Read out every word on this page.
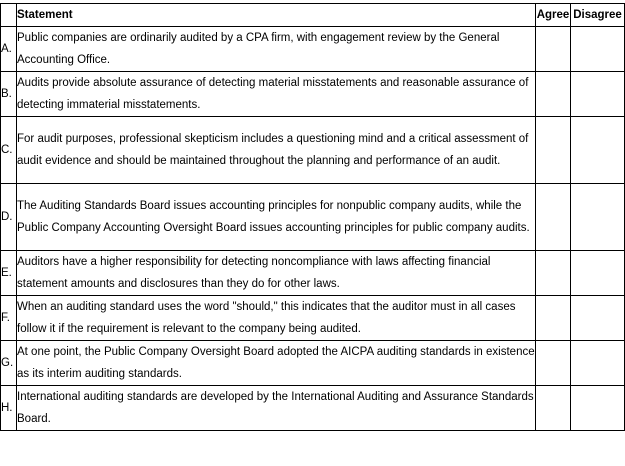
	Statement	Agree	Disagree
A.	Public companies are ordinarily audited by a CPA firm, with engagement review by the General Accounting Office.		
B.	Audits provide absolute assurance of detecting material misstatements and reasonable assurance of detecting immaterial misstatements.		
C.	For audit purposes, professional skepticism includes a questioning mind and a critical assessment of audit evidence and should be maintained throughout the planning and performance of an audit.		
D.	The Auditing Standards Board issues accounting principles for nonpublic company audits, while the Public Company Accounting Oversight Board issues accounting principles for public company audits.		
E.	Auditors have a higher responsibility for detecting noncompliance with laws affecting financial statement amounts and disclosures than they do for other laws.		
F.	When an auditing standard uses the word "should," this indicates that the auditor must in all cases follow it if the requirement is relevant to the company being audited.		
G.	At one point, the Public Company Oversight Board adopted the AICPA auditing standards in existence as its interim auditing standards.		
H.	International auditing standards are developed by the International Auditing and Assurance Standards Board.		
